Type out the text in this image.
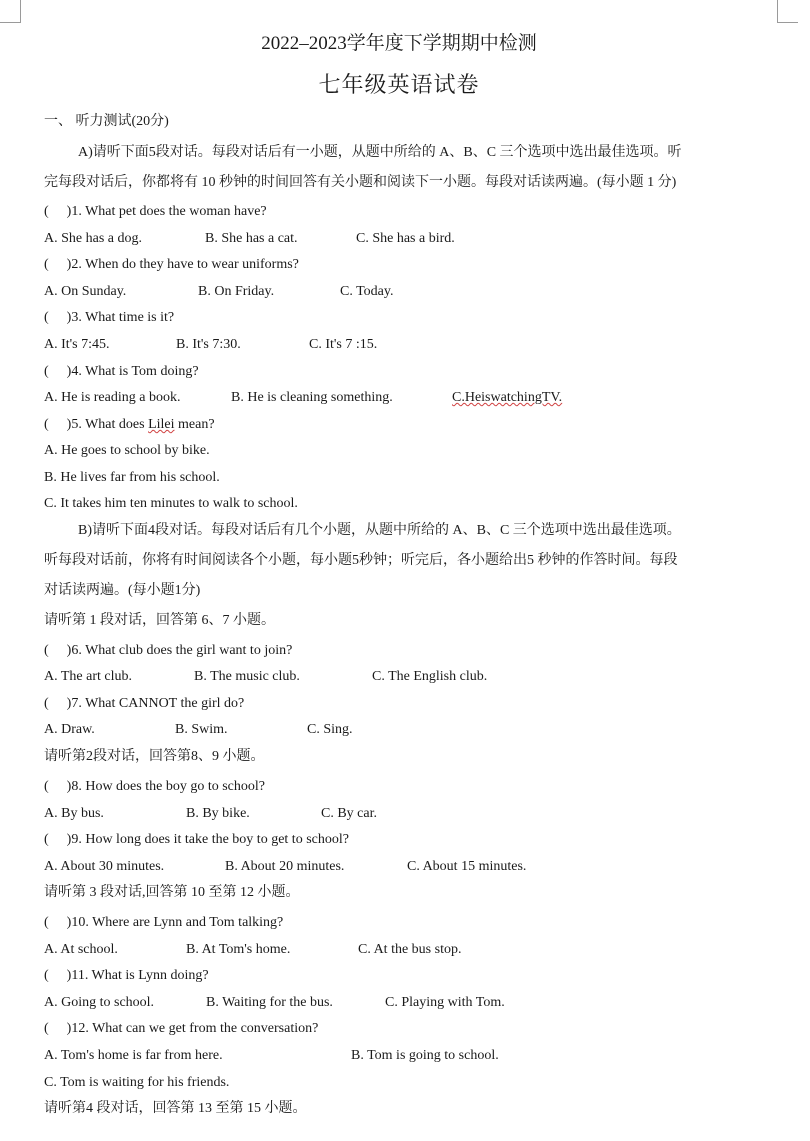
2022–2023学年度下学期期中检测
七年级英语试卷
一、 听力测试(20分)
A)请听下面5段对话。每段对话后有一小题，从题中所给的 A、B、C 三个选项中选出最佳选项。听
完每段对话后，你都将有 10 秒钟的时间回答有关小题和阅读下一小题。每段对话读两遍。(每小题 1 分)
( )1. What pet does the woman have?
A. She has a dog.	B. She has a cat.	C. She has a bird.
( )2. When do they have to wear uniforms?
A. On Sunday.	B. On Friday.	C. Today.
( )3. What time is it?
A. It's 7:45.	B. It's 7:30.	C. It's 7 :15.
( )4. What is Tom doing?
A. He is reading a book.	B. He is cleaning something.	C.HeiswatchingTV.
( )5. What does Lilei mean?
A. He goes to school by bike.
B. He lives far from his school.
C. It takes him ten minutes to walk to school.
B)请听下面4段对话。每段对话后有几个小题，从题中所给的 A、B、C 三个选项中选出最佳选项。
听每段对话前，你将有时间阅读各个小题，每小题5秒钟；听完后，各小题给出5 秒钟的作答时间。每段
对话读两遍。(每小题1分)
请听第 1 段对话，回答第 6、7 小题。
( )6. What club does the girl want to join?
A. The art club.	B. The music club.	C. The English club.
( )7. What CANNOT the girl do?
A. Draw.	B. Swim.	C. Sing.
请听第2段对话，回答第8、9 小题。
( )8. How does the boy go to school?
A. By bus.	B. By bike.	C. By car.
( )9. How long does it take the boy to get to school?
A. About 30 minutes.	B. About 20 minutes.	C. About 15 minutes.
请听第 3 段对话,回答第 10 至第 12 小题。
( )10. Where are Lynn and Tom talking?
A. At school.	B. At Tom's home.	C. At the bus stop.
( )11. What is Lynn doing?
A. Going to school.	B. Waiting for the bus.	C. Playing with Tom.
( )12. What can we get from the conversation?
A. Tom's home is far from here.	B. Tom is going to school.
C. Tom is waiting for his friends.
请听第4 段对话，回答第 13 至第 15 小题。
